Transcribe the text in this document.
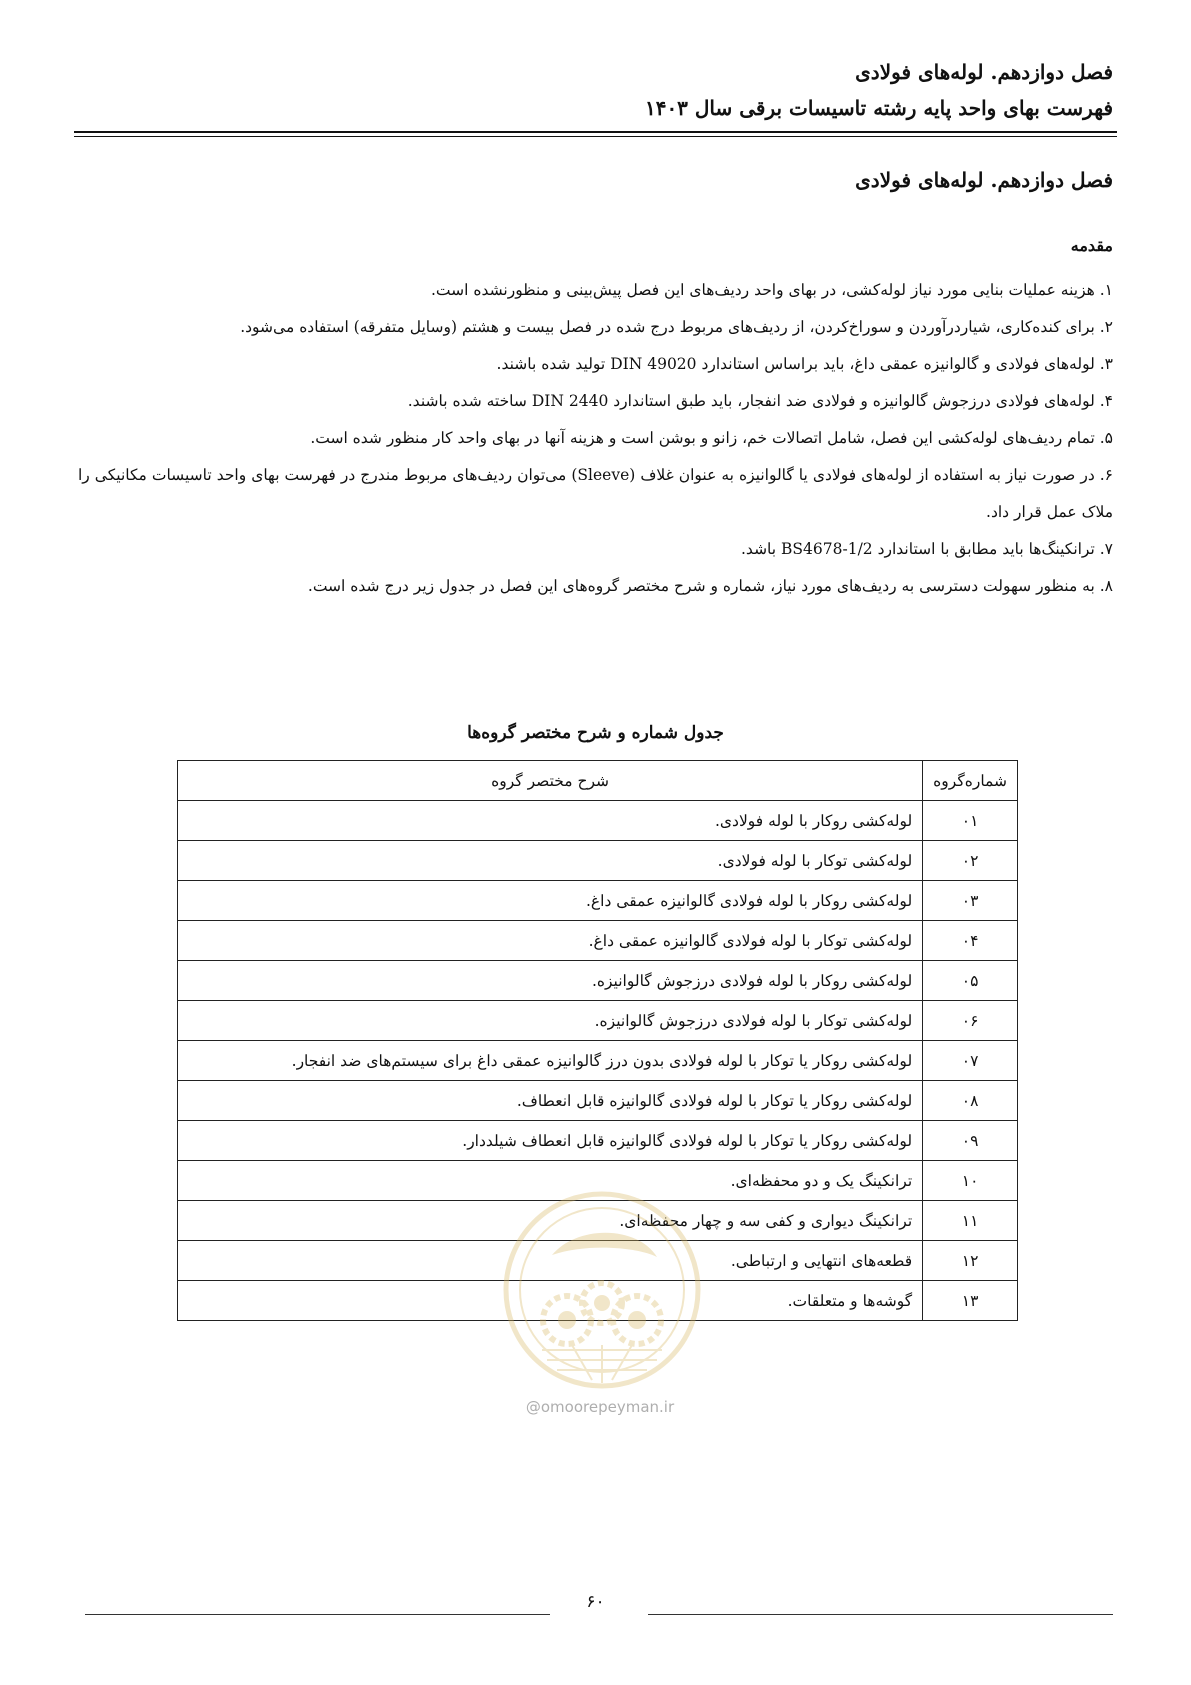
فصل دوازدهم. لوله‌های فولادی
فهرست بهای واحد پایه رشته تاسیسات برقی سال ۱۴۰۳
فصل دوازدهم. لوله‌های فولادی
مقدمه
۱. هزینه عملیات بنایی مورد نیاز لوله‌کشی، در بهای واحد ردیف‌های این فصل پیش‌بینی و منظورنشده است.
۲. برای کنده‌کاری، شیاردرآوردن و سوراخ‌کردن، از ردیف‌های مربوط درج شده در فصل بیست و هشتم (وسایل متفرقه) استفاده می‌شود.
۳. لوله‌های فولادی و گالوانیزه عمقی داغ، باید براساس استاندارد DIN 49020 تولید شده باشند.
۴. لوله‌های فولادی درزجوش گالوانیزه و فولادی ضد انفجار، باید طبق استاندارد DIN 2440 ساخته شده باشند.
۵. تمام ردیف‌های لوله‌کشی این فصل، شامل اتصالات خم، زانو و بوشن است و هزینه آنها در بهای واحد کار منظور شده است.
۶. در صورت نیاز به استفاده از لوله‌های فولادی یا گالوانیزه به عنوان غلاف (Sleeve) می‌توان ردیف‌های مربوط مندرج در فهرست بهای واحد تاسیسات مکانیکی را ملاک عمل قرار داد.
۷. ترانکینگ‌ها باید مطابق با استاندارد BS4678-1/2 باشد.
۸. به منظور سهولت دسترسی به ردیف‌های مورد نیاز، شماره و شرح مختصر گروه‌های این فصل در جدول زیر درج شده است.
جدول شماره و شرح مختصر گروه‌ها
شماره‌گروه	شرح مختصر گروه
۰۱	لوله‌کشی روکار با لوله فولادی.
۰۲	لوله‌کشی توکار با لوله فولادی.
۰۳	لوله‌کشی روکار با لوله فولادی گالوانیزه عمقی داغ.
۰۴	لوله‌کشی توکار با لوله فولادی گالوانیزه عمقی داغ.
۰۵	لوله‌کشی روکار با لوله فولادی درزجوش گالوانیزه.
۰۶	لوله‌کشی توکار با لوله فولادی درزجوش گالوانیزه.
۰۷	لوله‌کشی روکار یا توکار با لوله فولادی بدون درز گالوانیزه عمقی داغ برای سیستم‌های ضد انفجار.
۰۸	لوله‌کشی روکار یا توکار با لوله فولادی گالوانیزه قابل انعطاف.
۰۹	لوله‌کشی روکار یا توکار با لوله فولادی گالوانیزه قابل انعطاف شیلددار.
۱۰	ترانکینگ یک و دو محفظه‌ای.
۱۱	ترانکینگ دیواری و کفی سه و چهار محفظه‌ای.
۱۲	قطعه‌های انتهایی و ارتباطی.
۱۳	گوشه‌ها و متعلقات.
@omoorepeyman.ir
۶۰
